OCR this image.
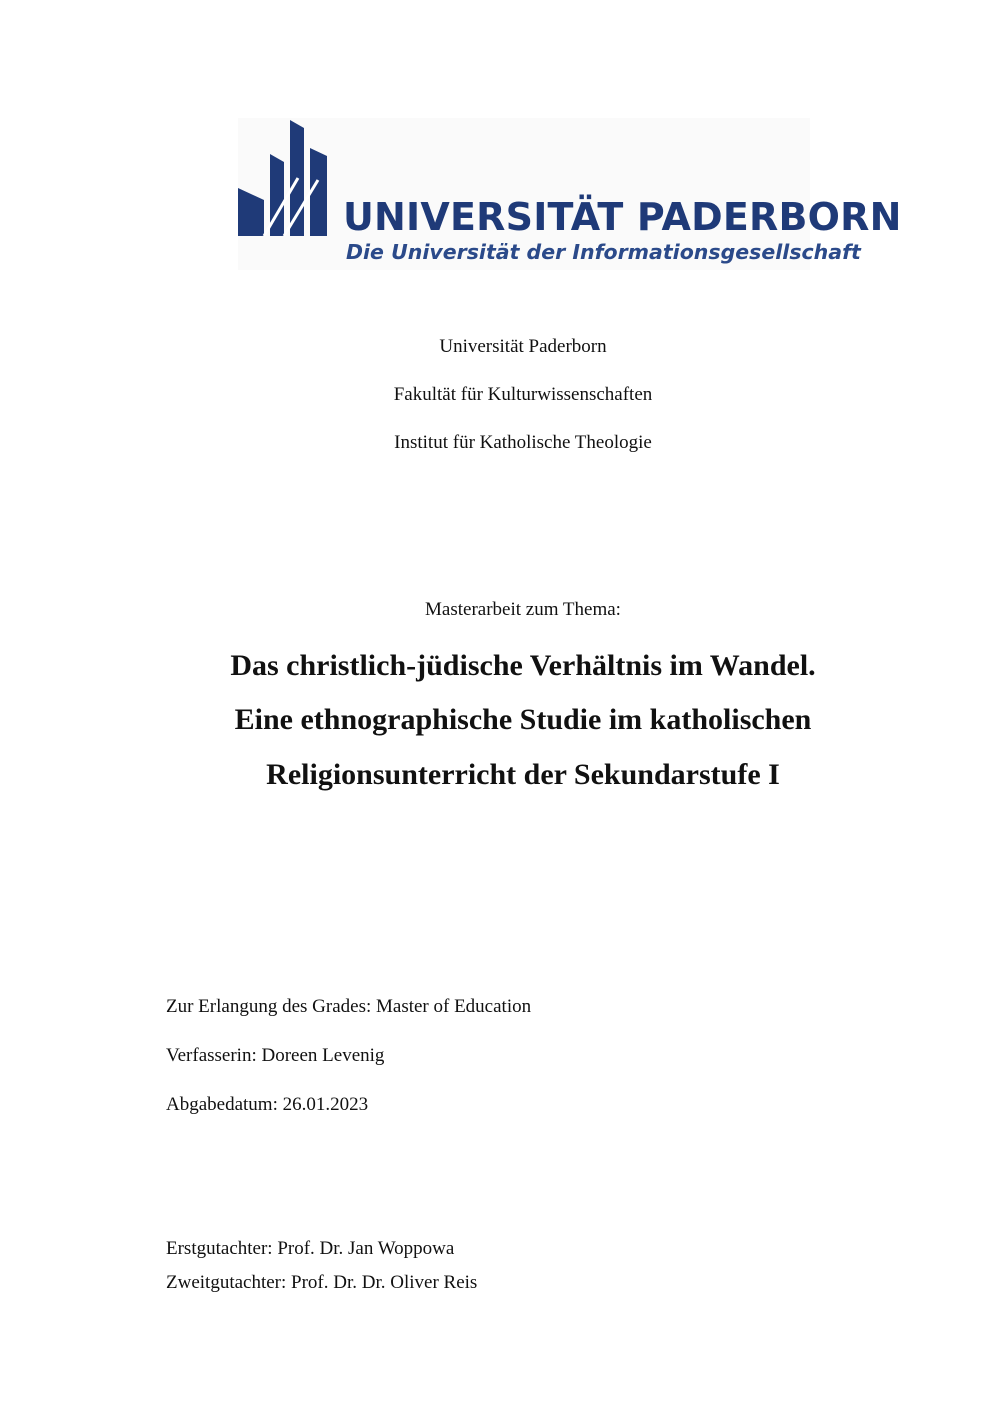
UNIVERSITÄT PADERBORN
Die Universität der Informationsgesellschaft
Universität Paderborn
Fakultät für Kulturwissenschaften
Institut für Katholische Theologie
Masterarbeit zum Thema:
Das christlich-jüdische Verhältnis im Wandel.
Eine ethnographische Studie im katholischen
Religionsunterricht der Sekundarstufe I
Zur Erlangung des Grades: Master of Education
Verfasserin: Doreen Levenig
Abgabedatum: 26.01.2023
Erstgutachter: Prof. Dr. Jan Woppowa
Zweitgutachter: Prof. Dr. Dr. Oliver Reis
